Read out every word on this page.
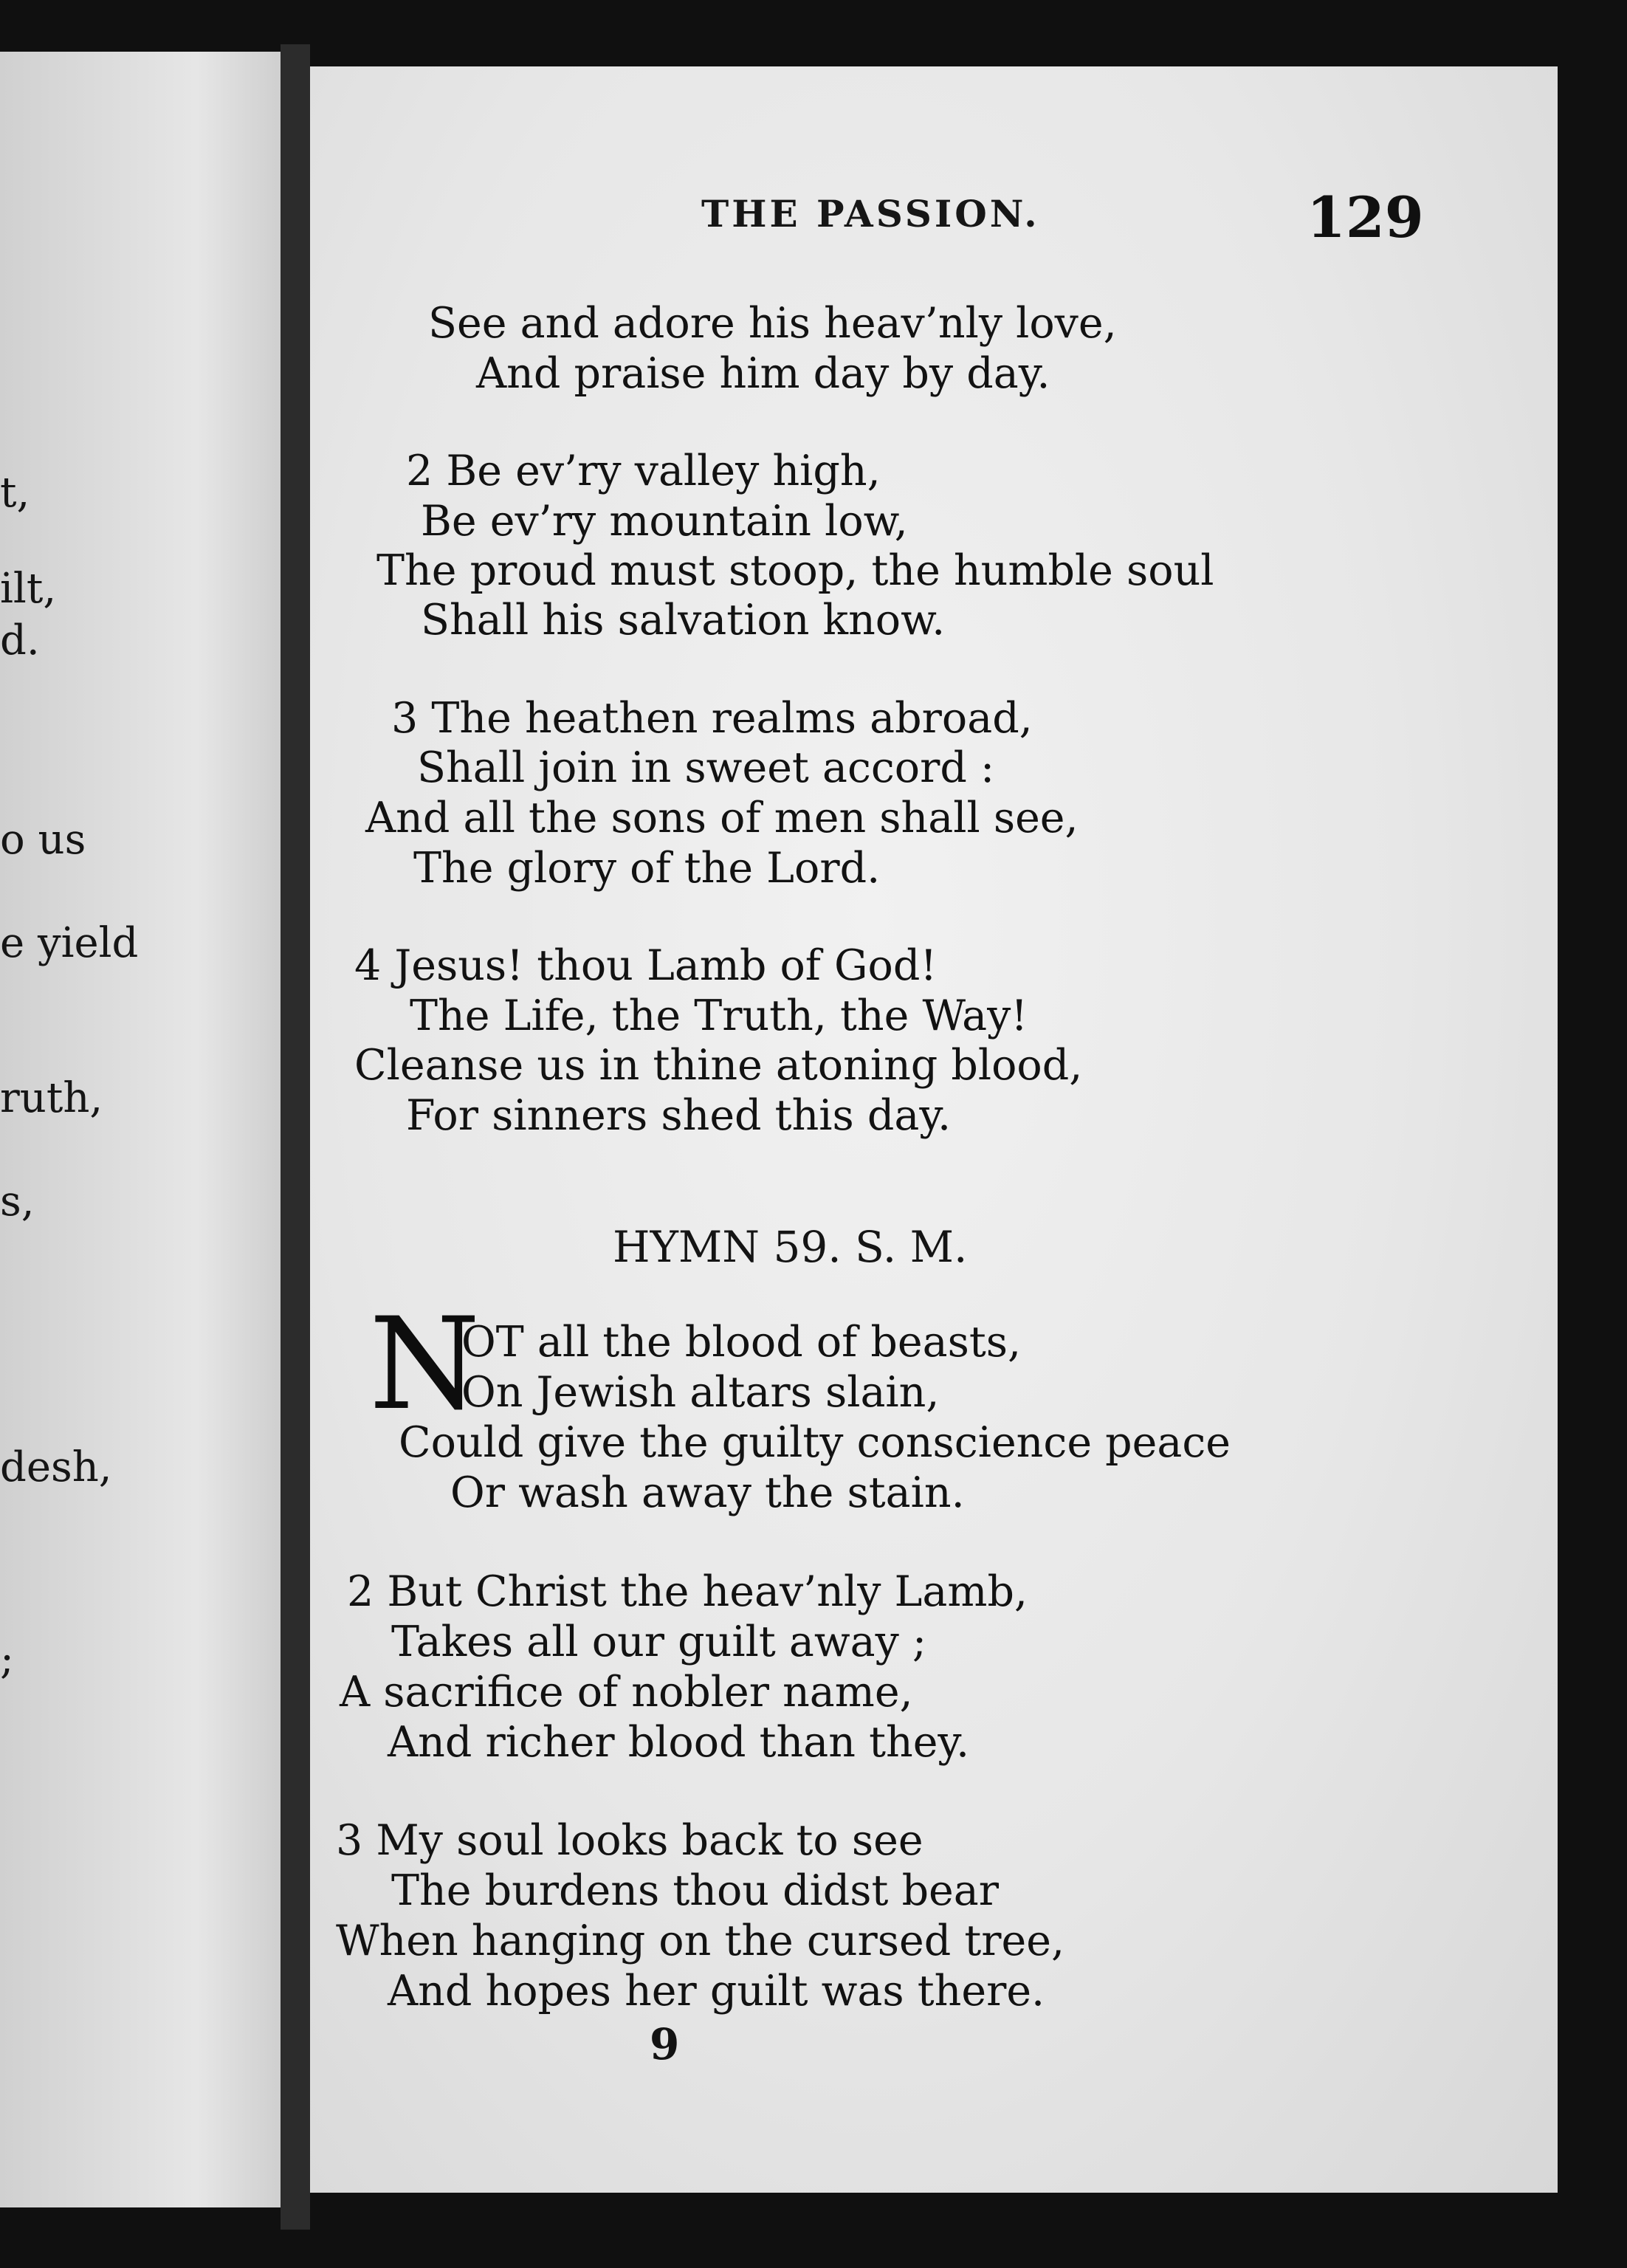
t,
ilt,
d.
o us
e yield
ruth,
s,
desh,
;
THE PASSION.	129
See and adore his heav’nly love,
And praise him day by day.
2 Be ev’ry valley high,
Be ev’ry mountain low,
The proud must stoop, the humble soul
Shall his salvation know.
3 The heathen realms abroad,
Shall join in sweet accord :
And all the sons of men shall see,
The glory of the Lord.
4 Jesus! thou Lamb of God!
The Life, the Truth, the Way!
Cleanse us in thine atoning blood,
For sinners shed this day.
HYMN 59. S. M.
N
OT all the blood of beasts,
On Jewish altars slain,
Could give the guilty conscience peace
Or wash away the stain.
2 But Christ the heav’nly Lamb,
Takes all our guilt away ;
A sacrifice of nobler name,
And richer blood than they.
3 My soul looks back to see
The burdens thou didst bear
When hanging on the cursed tree,
And hopes her guilt was there.
9
